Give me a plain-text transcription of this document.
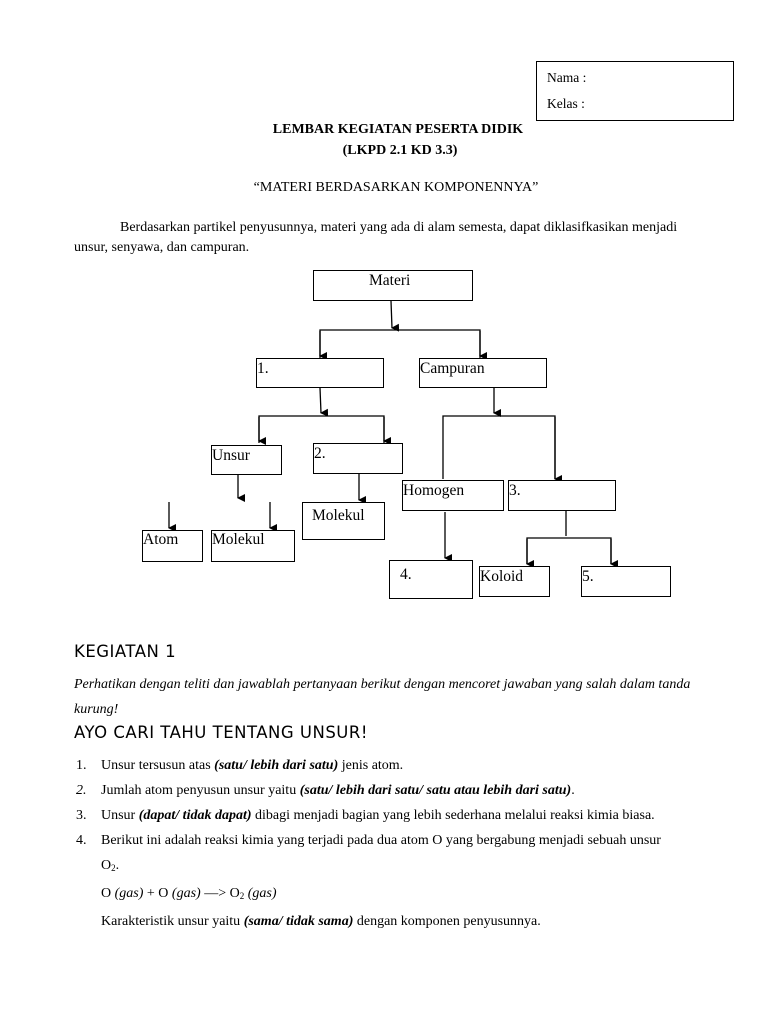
Nama :
Kelas :
LEMBAR KEGIATAN PESERTA DIDIK
(LKPD 2.1 KD 3.3)
“MATERI BERDASARKAN KOMPONENNYA”
Berdasarkan partikel penyusunnya, materi yang ada di alam semesta, dapat diklasifkasikan menjadi unsur, senyawa, dan campuran.
Materi
1.	Campuran
Unsur	2.
Homogen	3.
Molekul
Atom Molekul
4.	Koloid	5.
KEGIATAN 1
Perhatikan dengan teliti dan jawablah pertanyaan berikut dengan mencoret jawaban yang salah dalam tanda kurung!
AYO CARI TAHU TENTANG UNSUR!
1. Unsur tersusun atas (satu/ lebih dari satu) jenis atom.
2. Jumlah atom penyusun unsur yaitu (satu/ lebih dari satu/ satu atau lebih dari satu).
3. Unsur (dapat/ tidak dapat) dibagi menjadi bagian yang lebih sederhana melalui reaksi kimia biasa.
4. Berikut ini adalah reaksi kimia yang terjadi pada dua atom O yang bergabung menjadi sebuah unsur
$O_2$.
O (gas) + O (gas) —> $O_2$ (gas)
Karakteristik unsur yaitu (sama/ tidak sama) dengan komponen penyusunnya.
